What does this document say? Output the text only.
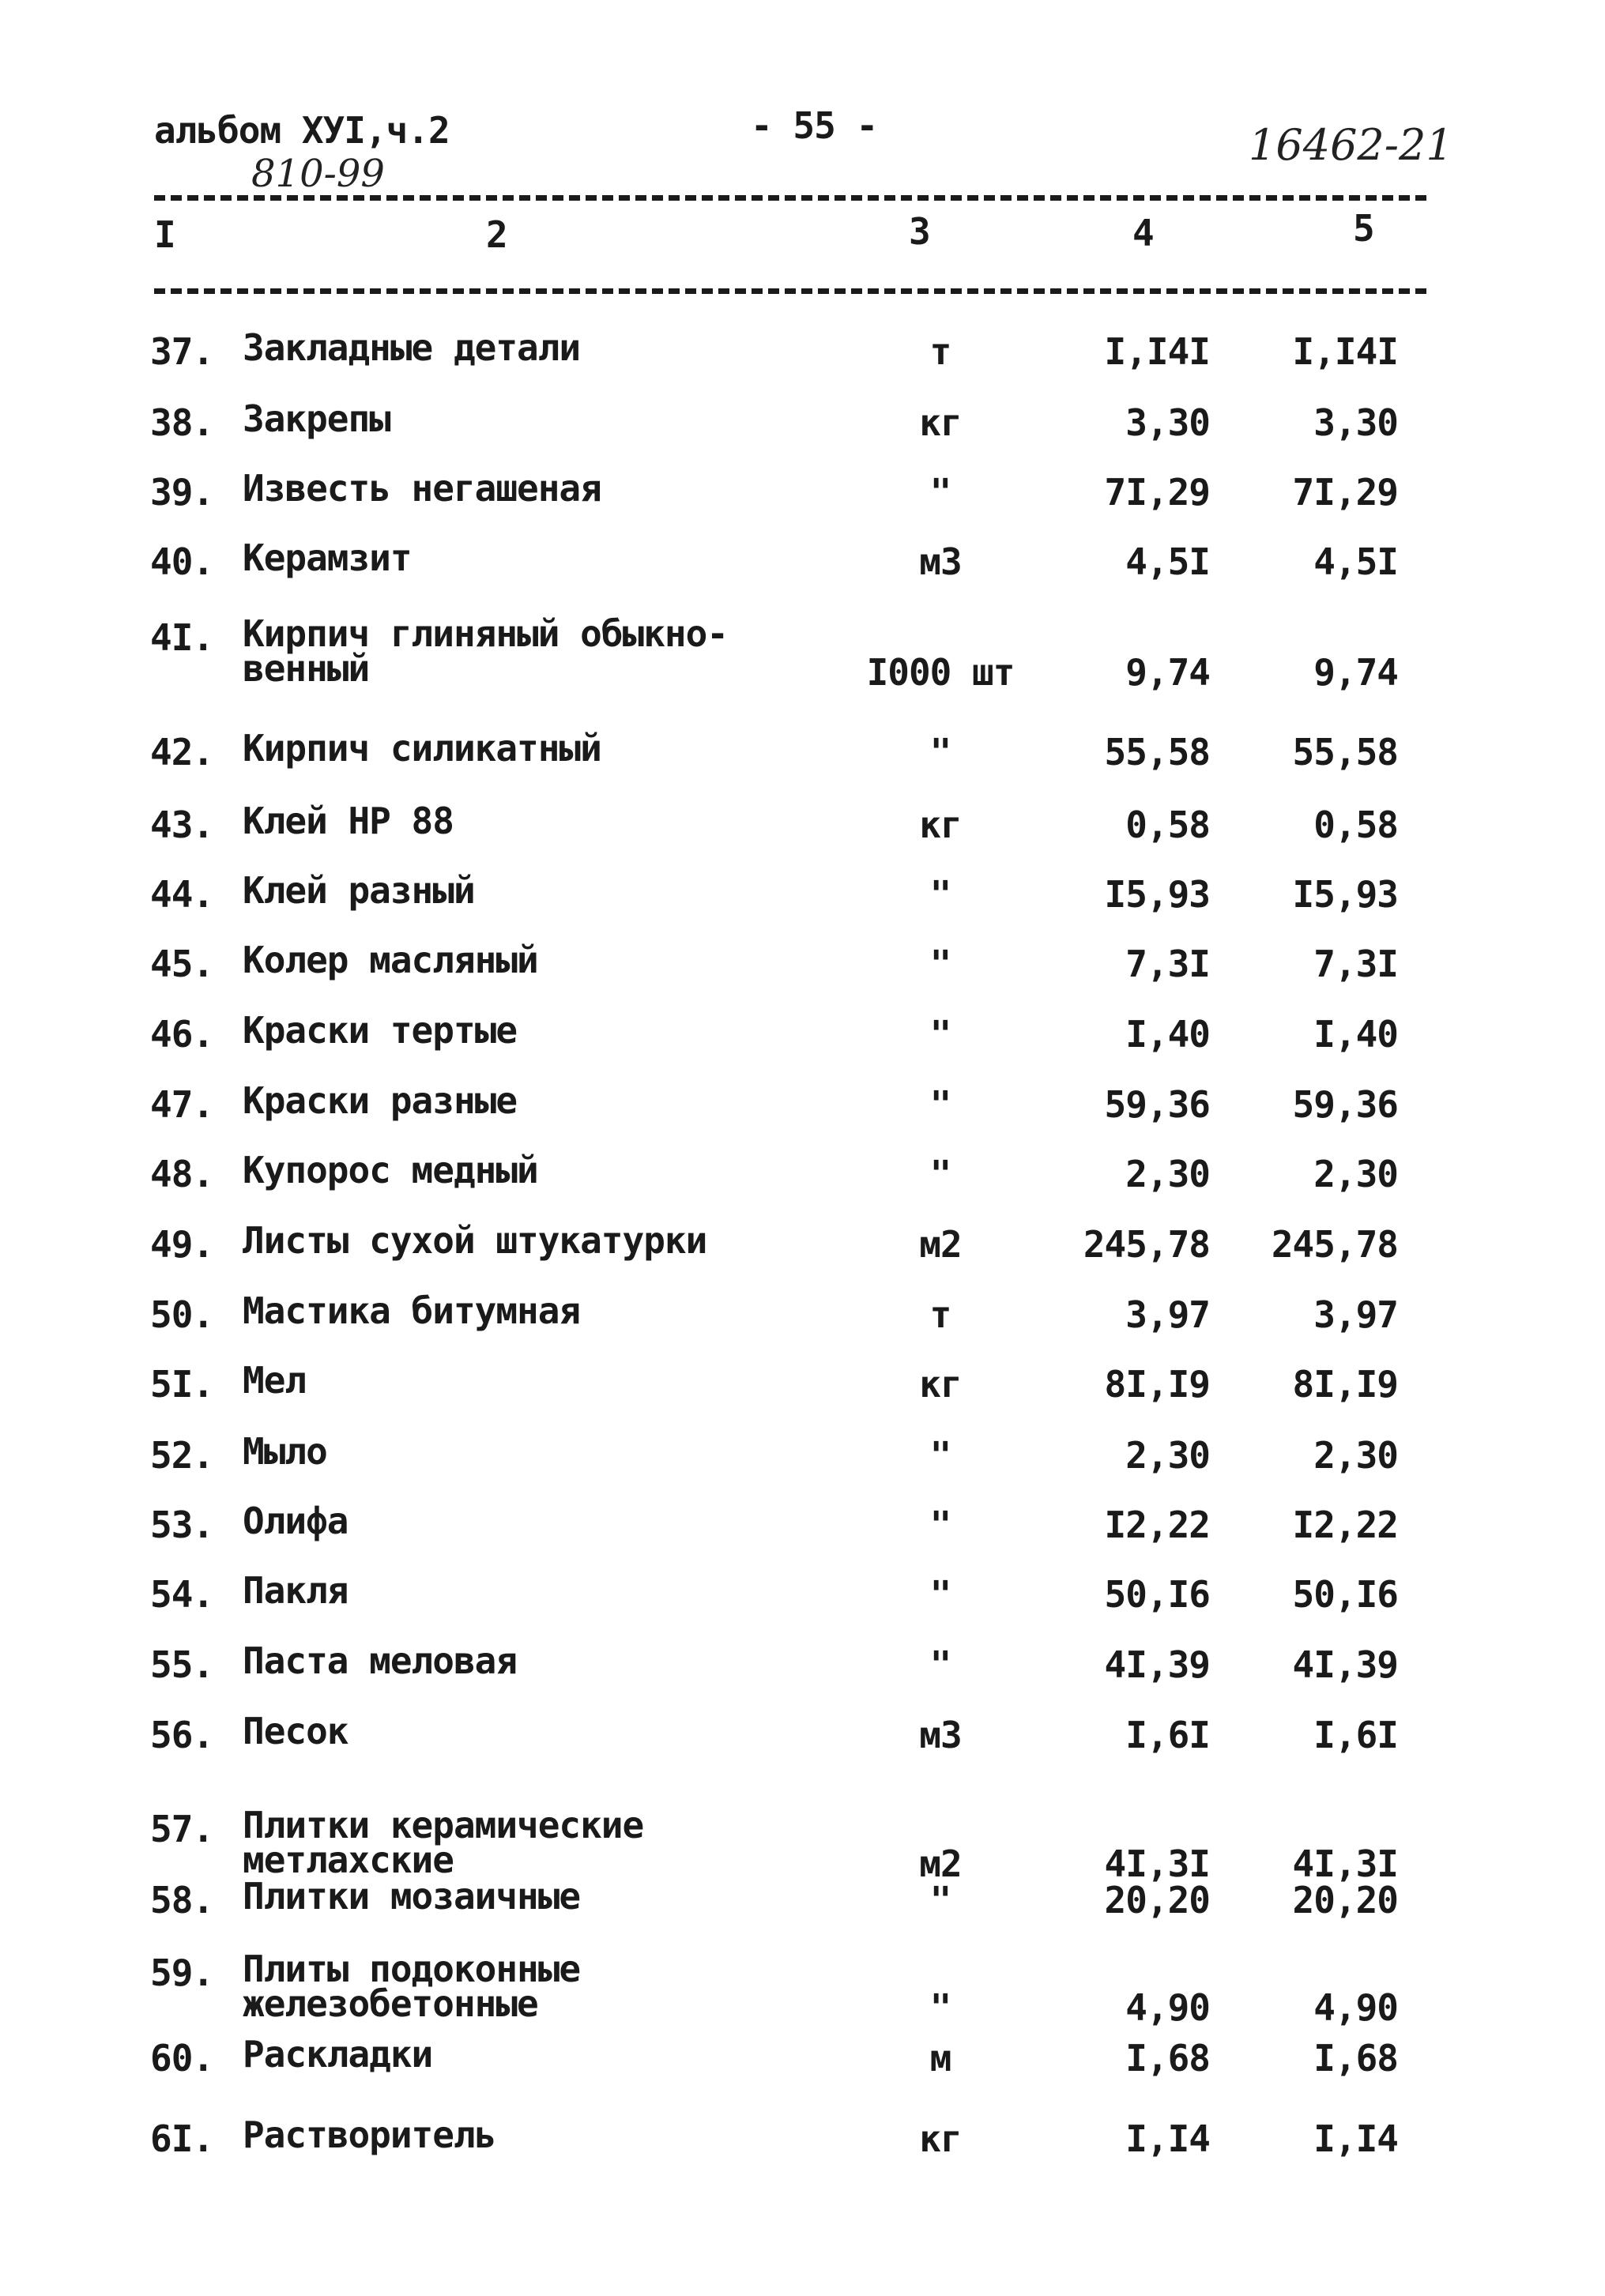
альбом ХУІ,ч.2
810-99
- 55 -	16462-21
I	2	3	4	5
37. Закладные детали	т	I,I4I I,I4I
38. Закрепы	кг	3,30	3,30
39. Известь негашеная	"	7I,29 7I,29
40. Керамзит	м3	4,5I	4,5I
4I. Кирпич глиняный обыкно-
венный	I000 шт	9,74	9,74
42. Кирпич силикатный	"	55,58 55,58
43. Клей НР 88	кг	0,58	0,58
44. Клей разный	"	I5,93 I5,93
45. Колер масляный	"	7,3I	7,3I
46. Краски тертые	"	I,40	I,40
47. Краски разные	"	59,36 59,36
48. Купорос медный	"	2,30	2,30
49. Листы сухой штукатурки	м2	245,78 245,78
50. Мастика битумная	т	3,97	3,97
5I. Мел	кг	8I,I9 8I,I9
52. Мыло	"	2,30	2,30
53. Олифа	"	I2,22 I2,22
54. Пакля	"	50,I6 50,I6
55. Паста меловая	"	4I,39 4I,39
56. Песок	м3	I,6I	I,6I
57. Плитки керамические
метлахские	м2	4I,3I 4I,3I
58. Плитки мозаичные	"	20,20 20,20
59. Плиты подоконные
железобетонные	"	4,90	4,90
60. Раскладки	м	I,68	I,68
6I. Растворитель	кг	I,I4	I,I4
